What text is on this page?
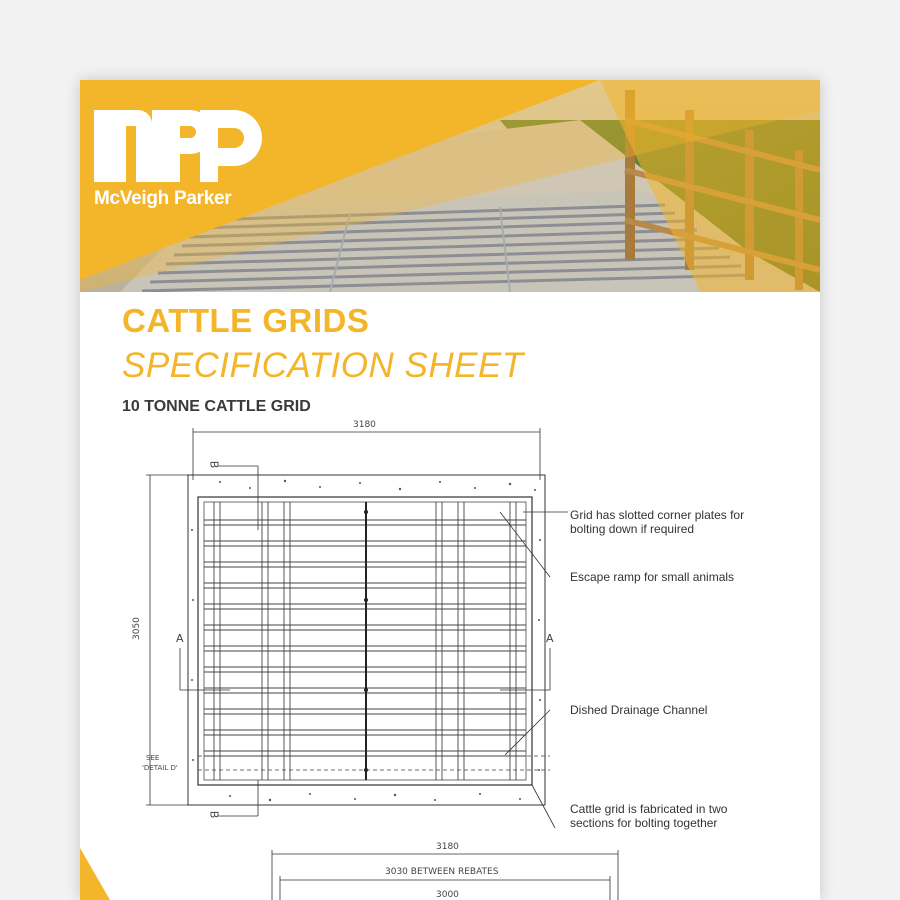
McVeigh Parker
CATTLE GRIDS
SPECIFICATION SHEET
10 TONNE CATTLE GRID
3180
3050	A	A
B
B
SEE
'DETAIL D'
3180
3030 BETWEEN REBATES
3000
Grid has slotted corner plates for
bolting down if required
Escape ramp for small animals
Dished Drainage Channel
Cattle grid is fabricated in two
sections for bolting together
